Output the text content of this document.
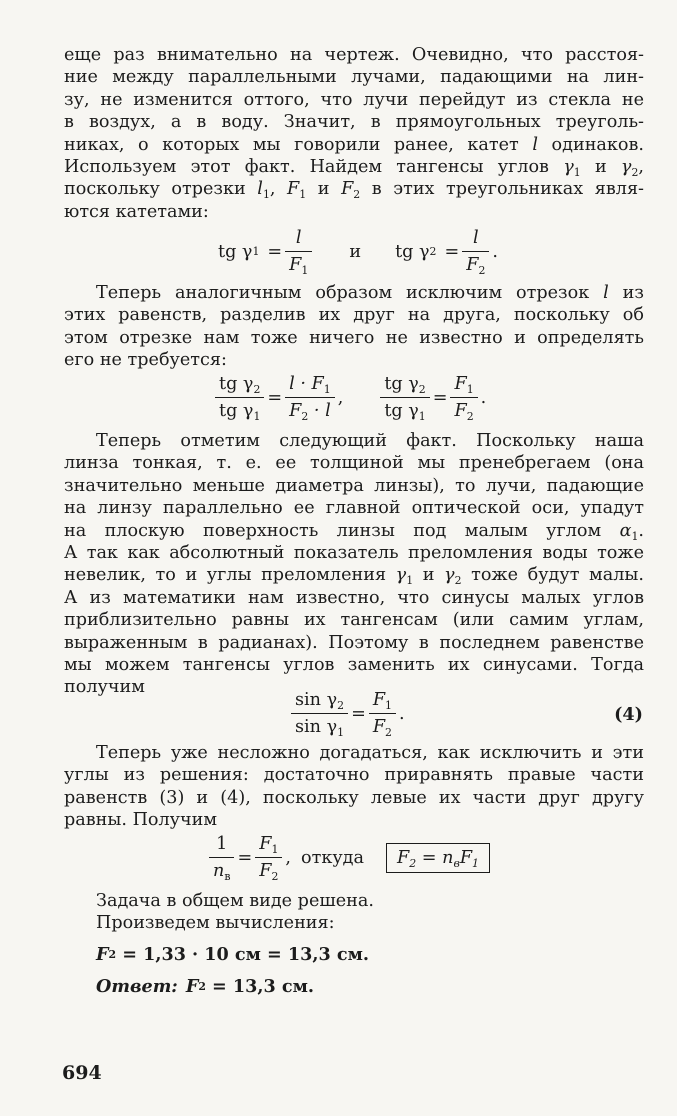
еще раз внимательно на чертеж. Очевидно, что расстоя-
ние между параллельными лучами, падающими на лин-
зу, не изменится оттого, что лучи перейдут из стекла не
в воздух, а в воду. Значит, в прямоугольных треуголь-
никах, о которых мы говорили ранее, катет l одинаков.
Используем этот факт. Найдем тангенсы углов $\gamma_1$ и $\gamma_2$,
поскольку отрезки $l_1$, $F_1$ и $F_2$ в этих треугольниках явля-
ются катетами:
tg γ $1 = \frac{l}{F_1}$ и tg γ $2 = \frac{l}{F_2}$ .
Теперь аналогичным образом исключим отрезок l из
этих равенств, разделив их друг на друга, поскольку об
этом отрезке нам тоже ничего не известно и определять
его не требуется:
$\frac{tg \gamma_2}{tg \gamma_1} = \frac{l \cdot F_1}{F_2 \cdot l}$ , $\frac{tg \gamma_2}{tg \gamma_1} = \frac{F_1}{F_2}$ .
Теперь отметим следующий факт. Поскольку наша
линза тонкая, т. е. ее толщиной мы пренебрегаем (она
значительно меньше диаметра линзы), то лучи, падающие
на линзу параллельно ее главной оптической оси, упадут
на плоскую поверхность линзы под малым углом $\alpha_1$.
А так как абсолютный показатель преломления воды тоже
невелик, то и углы преломления $\gamma_1$ и $\gamma_2$ тоже будут малы.
А из математики нам известно, что синусы малых углов
приблизительно равны их тангенсам (или самим углам,
выраженным в радианах). Поэтому в последнем равенстве
мы можем тангенсы углов заменить их синусами. Тогда
получим
$\frac{\sin \gamma_2}{\sin \gamma_1} = \frac{F_1}{F_2}$ .	(4)
Теперь уже несложно догадаться, как исключить и эти
углы из решения: достаточно приравнять правые части
равенств (3) и (4), поскольку левые их части друг другу
равны. Получим
$\frac{1}{n_в} = \frac{F_1}{F_2}$ , откуда	$F_2 = n_вF_1$
Задача в общем виде решена.
Произведем вычисления:
F 2 = 1,33 · 10 см = 13,3 см.
Ответ: F 2 = 13,3 см.
694
